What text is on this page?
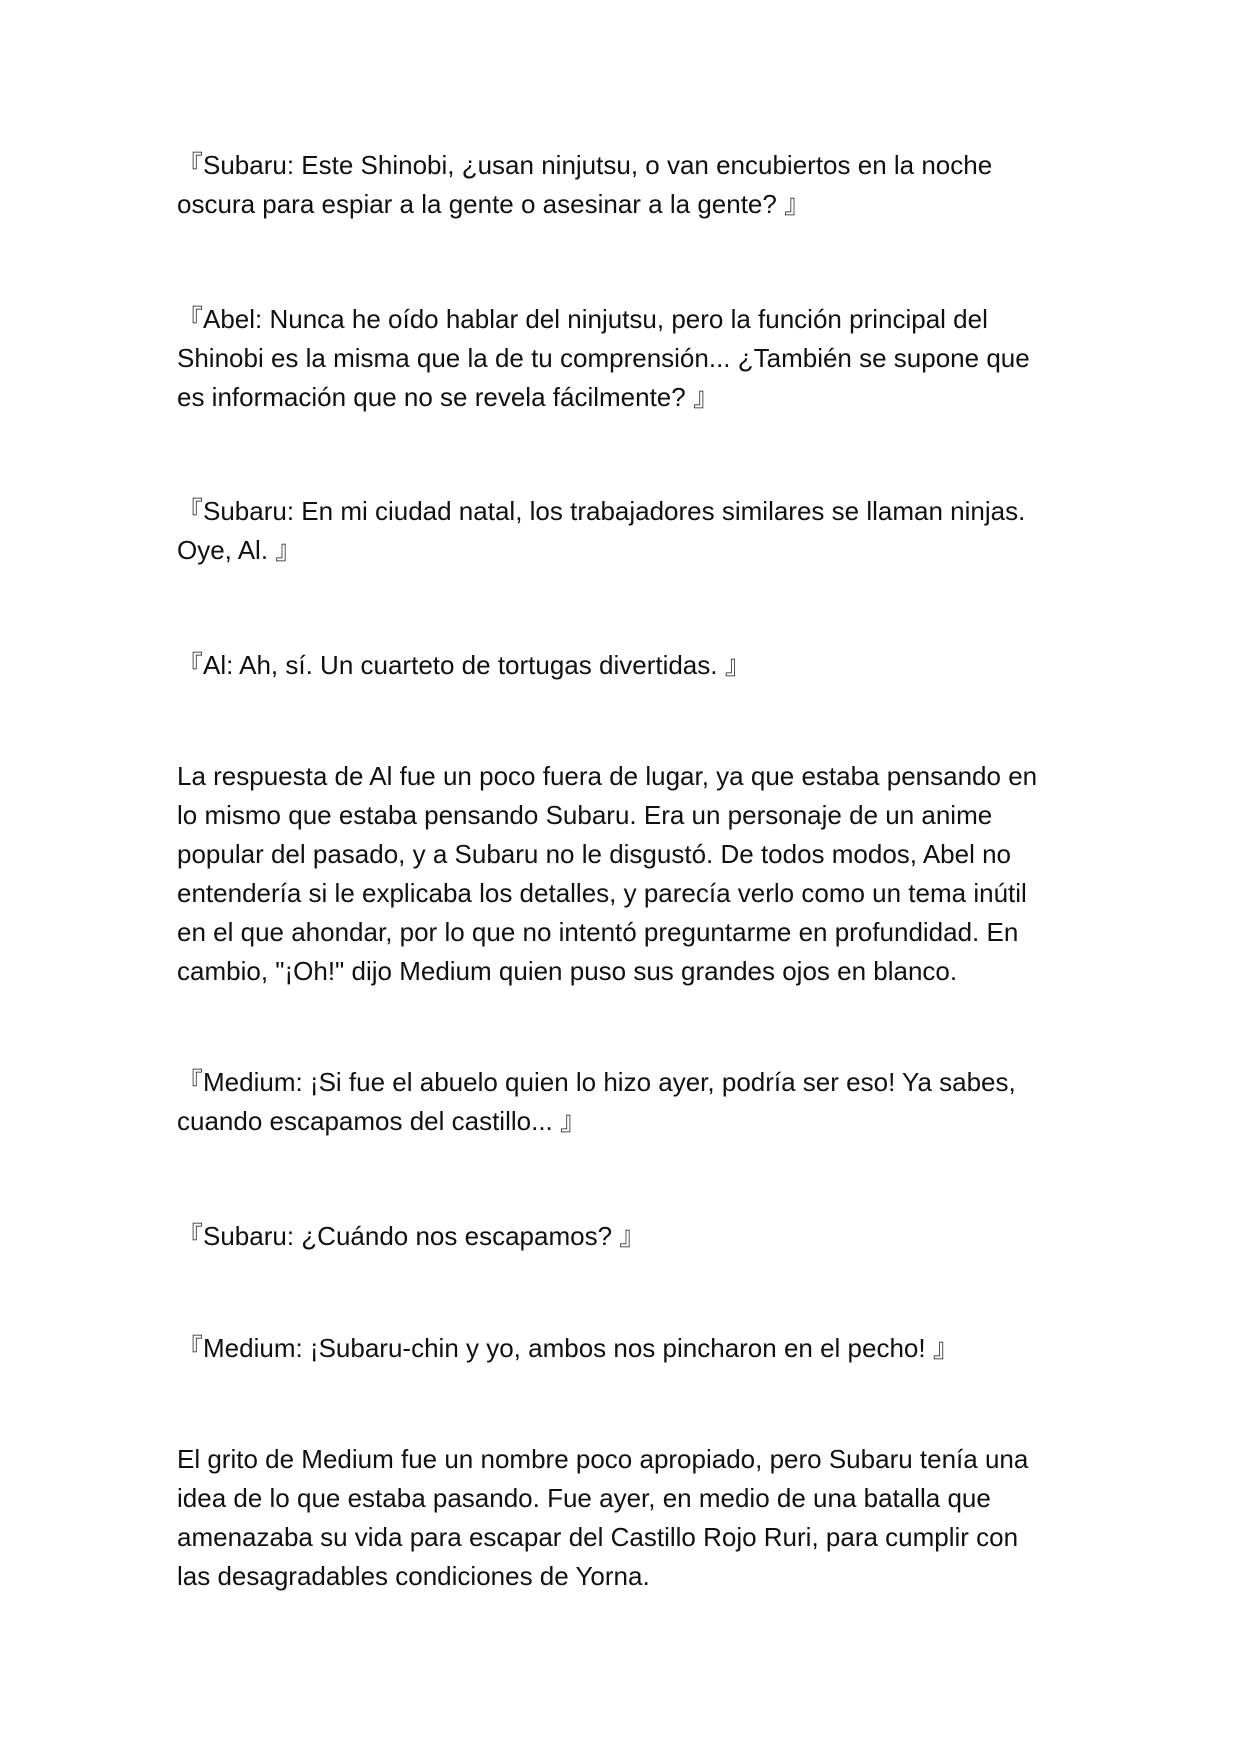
『Subaru: Este Shinobi, ¿usan ninjutsu, o van encubiertos en la noche
oscura para espiar a la gente o asesinar a la gente? 』

『Abel: Nunca he oído hablar del ninjutsu, pero la función principal del
Shinobi es la misma que la de tu comprensión... ¿También se supone que
es información que no se revela fácilmente? 』

『Subaru: En mi ciudad natal, los trabajadores similares se llaman ninjas.
Oye, Al. 』

『Al: Ah, sí. Un cuarteto de tortugas divertidas. 』

La respuesta de Al fue un poco fuera de lugar, ya que estaba pensando en
lo mismo que estaba pensando Subaru. Era un personaje de un anime
popular del pasado, y a Subaru no le disgustó. De todos modos, Abel no
entendería si le explicaba los detalles, y parecía verlo como un tema inútil
en el que ahondar, por lo que no intentó preguntarme en profundidad. En
cambio, "¡Oh!" dijo Medium quien puso sus grandes ojos en blanco.

『Medium: ¡Si fue el abuelo quien lo hizo ayer, podría ser eso! Ya sabes,
cuando escapamos del castillo... 』

『Subaru: ¿Cuándo nos escapamos? 』

『Medium: ¡Subaru-chin y yo, ambos nos pincharon en el pecho! 』

El grito de Medium fue un nombre poco apropiado, pero Subaru tenía una
idea de lo que estaba pasando. Fue ayer, en medio de una batalla que
amenazaba su vida para escapar del Castillo Rojo Ruri, para cumplir con
las desagradables condiciones de Yorna.
